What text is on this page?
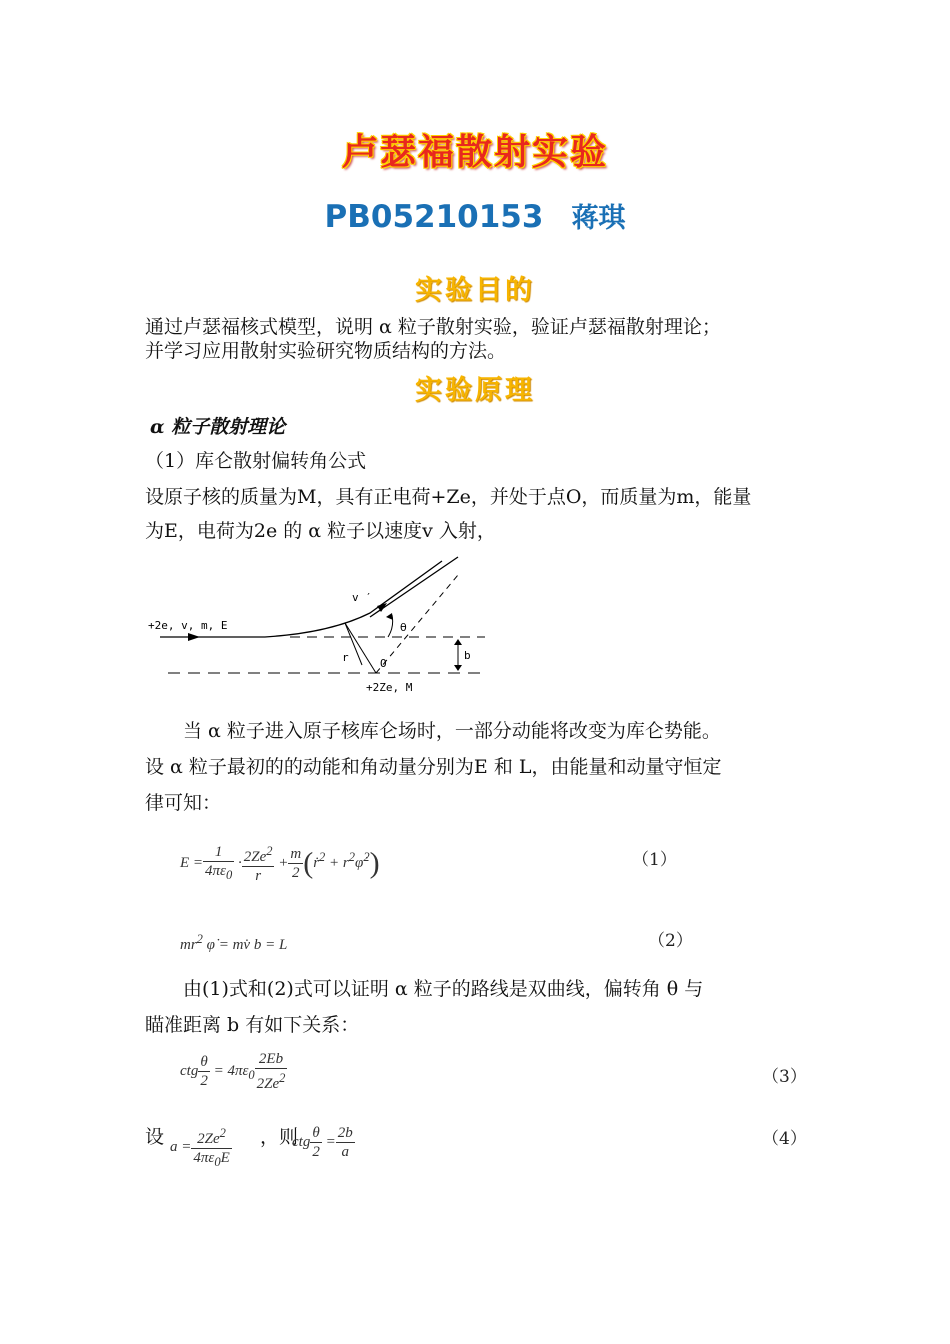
卢瑟福散射实验
PB05210153 蒋琪
实验目的
通过卢瑟福核式模型，说明 α 粒子散射实验，验证卢瑟福散射理论；
并学习应用散射实验研究物质结构的方法。
实验原理
α 粒子散射理论
（1）库仑散射偏转角公式
设原子核的质量为M，具有正电荷+Ze，并处于点O，而质量为m，能量
为E，电荷为2e 的 α 粒子以速度v 入射，
+2e, v, m, E
v ′
θ
r	O
b
+2Ze, M
当 α 粒子进入原子核库仑场时，一部分动能将改变为库仑势能。
设 α 粒子最初的的动能和角动量分别为E 和 L，由能量和动量守恒定
律可知：
$E = \frac{1}{4\pi\varepsilon_0} \cdot \frac{2Ze^2}{r} + \frac{m}{2}$ (ṙ$^2$ + $r^2\varphi̇^2$)	（1）
$mr^2$ φ̇ = mv̇ b = L	（2）
由(1)式和(2)式可以证明 α 粒子的路线是双曲线，偏转角 θ 与
瞄准距离 b 有如下关系：
ctg $\frac{\theta}{2} = 4\pi\varepsilon_0 \frac{2Eb}{2Ze^2}$	（3）
设 $a = \frac{2Ze^2}{4\pi\varepsilon_0E}$ ，则
ctg $\frac{\theta}{2} = \frac{2b}{a}$	（4）
